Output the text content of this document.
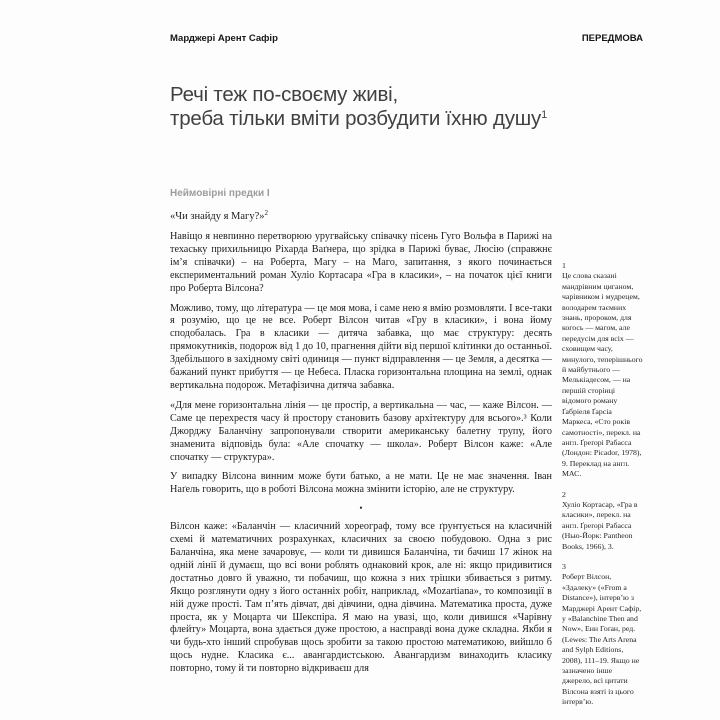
Марджері Арент Сафір	ПЕРЕДМОВА
Речі теж по-своєму живі,
треба тільки вміти розбудити їхню душу$^1$
Неймовірні предки I
«Чи знайду я Магу?»$^2$

Навіщо я невпинно перетворюю уругвайську співачку пісень Гуго Вольфа в Парижі на техаську прихильницю Ріхарда Ваґнера, що зрідка в Парижі буває, Люсію (справжнє ім’я співачки) – на Роберта, Магу – на Маго, запитання, з якого починається експериментальний роман Хуліо Кортасара «Гра в класики», – на початок цієї книги про Роберта Вілсона?

Можливо, тому, що література — це моя мова, і саме нею я вмію розмовляти. І все-таки я розумію, що це не все. Роберт Вілсон читав «Гру в класики», і вона йому сподобалась. Гра в класики — дитяча забавка, що має структуру: десять прямокутників, подорож від 1 до 10, прагнення дійти від першої клітинки до останньої. Здебільшого в західному світі одиниця — пункт відправлення — це Земля, а десятка — бажаний пункт прибуття — це Небеса. Пласка горизонтальна площина на землі, однак вертикальна подорож. Метафізична дитяча забавка.

«Для мене горизонтальна лінія — це простір, а вертикальна — час, — каже Вілсон. — Саме це перехрестя часу й простору становить базову архітектуру для всього».³ Коли Джорджу Баланчіну запропонували створити американську балетну трупу, його знаменита відповідь була: «Але спочатку — школа». Роберт Вілсон каже: «Але спочатку — структура».

У випадку Вілсона винним може бути батько, а не мати. Це не має значення. Іван Наґель говорить, що в роботі Вілсона можна змінити історію, але не структуру.

•

Вілсон каже: «Баланчін — класичний хореограф, тому все ґрунтується на класичній схемі й математичних розрахунках, класичних за своєю побудовою. Одна з рис Баланчіна, яка мене зачаровує, — коли ти дивишся Баланчіна, ти бачиш 17 жінок на одній лінії й думаєш, що всі вони роблять однаковий крок, але ні: якщо придивитися достатньо довго й уважно, ти побачиш, що кожна з них трішки збивається з ритму. Якщо розглянути одну з його останніх робіт, наприклад, «Mozartiana», то композиції в ній дуже прості. Там п’ять дівчат, дві дівчини, одна дівчина. Математика проста, дуже проста, як у Моцарта чи Шекспіра. Я маю на увазі, що, коли дивишся «Чарівну флейту» Моцарта, вона здається дуже простою, а насправді вона дуже складна. Якби я чи будь-хто інший спробував щось зробити за такою простою математикою, вийшло б щось нудне. Класика є... авангардистською. Авангардизм винаходить класику повторно, тому й ти повторно відкриваєш для

1
Це слова сказані мандрівним циганом, чарівником і мудрецем, володарем таємних знань, пророком, для когось — магом, але передусім для всіх — сховищем часу, минулого, теперішнього й майбутнього — Мелькіадесом, — на першій сторінці відомого роману Ґабріеля Ґарсіа Маркеса, «Сто років самотності», перекл. на англ. Ґреґорі Рабасса (Лондон: Picador, 1978), 9. Переклад на англ. МАС.
2
Хуліо Кортасар, «Гра в класики», перекл. на англ. Ґреґорі Рабасса (Нью-Йорк: Pantheon Books, 1966), 3.
3
Роберт Вілсон, «Здалеку» («From a Distance»), інтерв’ю з Марджері Арент Сафір, у «Balanchine Then and Now», Енн Гоґан, ред. (Lewes: The Arts Arena and Sylph Editions, 2008), 111–19. Якщо не зазначено інше джерело, всі цитати Вілсона взяті із цього інтерв’ю.
